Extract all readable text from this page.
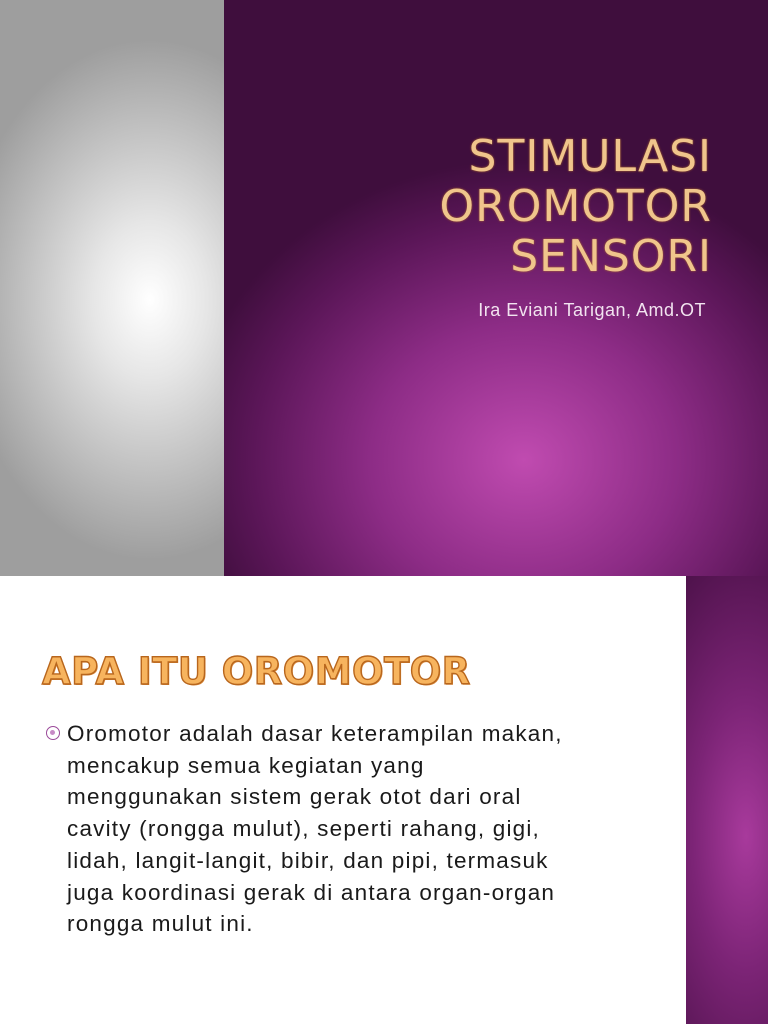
STIMULASI
OROMOTOR
SENSORI
Ira Eviani Tarigan, Amd.OT
APA ITU OROMOTOR
Oromotor adalah dasar keterampilan makan,
mencakup semua kegiatan yang
menggunakan sistem gerak otot dari oral
cavity (rongga mulut), seperti rahang, gigi,
lidah, langit-langit, bibir, dan pipi, termasuk
juga koordinasi gerak di antara organ-organ
rongga mulut ini.
